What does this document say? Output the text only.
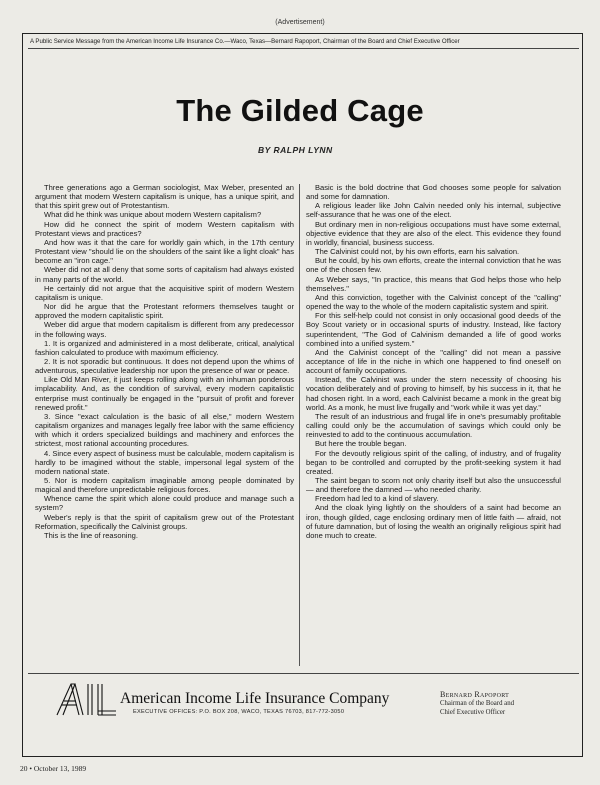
(Advertisement)
A Public Service Message from the American Income Life Insurance Co.—Waco, Texas—Bernard Rapoport, Chairman of the Board and Chief Executive Officer
The Gilded Cage
BY RALPH LYNN

Three generations ago a German sociologist, Max Weber, presented an argument that modern Western capitalism is unique, has a unique spirit, and that this spirit grew out of Protestantism.

What did he think was unique about modern Western capitalism?

How did he connect the spirit of modern Western capitalism with Protestant views and practices?

And how was it that the care for worldly gain which, in the 17th century Protestant view "should lie on the shoulders of the saint like a light cloak" has become an "iron cage."

Weber did not at all deny that some sorts of capitalism had always existed in many parts of the world.

He certainly did not argue that the acquisitive spirit of modern Western capitalism is unique.

Nor did he argue that the Protestant reformers themselves taught or approved the modern capitalistic spirit.

Weber did argue that modern capitalism is different from any predecessor in the following ways.

1. It is organized and administered in a most deliberate, critical, analytical fashion calculated to produce with maximum efficiency.

2. It is not sporadic but continuous. It does not depend upon the whims of adventurous, speculative leadership nor upon the presence of war or peace.

Like Old Man River, it just keeps rolling along with an inhuman ponderous implacability. And, as the condition of survival, every modern capitalistic enterprise must continually be engaged in the "pursuit of profit and forever renewed profit."

3. Since "exact calculation is the basic of all else," modern Western capitalism organizes and manages legally free labor with the same efficiency with which it orders specialized buildings and machinery and enforces the strictest, most rational accounting procedures.

4. Since every aspect of business must be calculable, modern capitalism is hardly to be imagined without the stable, impersonal legal system of the modern national state.

5. Nor is modern capitalism imaginable among people dominated by magical and therefore unpredictable religious forces.

Whence came the spirit which alone could produce and manage such a system?

Weber's reply is that the spirit of capitalism grew out of the Protestant Reformation, specifically the Calvinist groups.

This is the line of reasoning.

Basic is the bold doctrine that God chooses some people for salvation and some for damnation.

A religious leader like John Calvin needed only his internal, subjective self-assurance that he was one of the elect.

But ordinary men in non-religious occupations must have some external, objective evidence that they are also of the elect. This evidence they found in worldly, financial, business success.

The Calvinist could not, by his own efforts, earn his salvation.

But he could, by his own efforts, create the internal conviction that he was one of the chosen few.

As Weber says, "In practice, this means that God helps those who help themselves."

And this conviction, together with the Calvinist concept of the "calling" opened the way to the whole of the modern capitalistic system and spirit.

For this self-help could not consist in only occasional good deeds of the Boy Scout variety or in occasional spurts of industry. Instead, like factory superintendent, "The God of Calvinism demanded a life of good works combined into a unified system."

And the Calvinist concept of the "calling" did not mean a passive acceptance of life in the niche in which one happened to find oneself on account of family occupations.

Instead, the Calvinist was under the stern necessity of choosing his vocation deliberately and of proving to himself, by his success in it, that he had chosen right. In a word, each Calvinist became a monk in the great big world. As a monk, he must live frugally and "work while it was yet day."

The result of an industrious and frugal life in one's presumably profitable calling could only be the accumulation of savings which could only be reinvested to add to the continuous accumulation.

But here the trouble began.

For the devoutly religious spirit of the calling, of industry, and of frugality began to be controlled and corrupted by the profit-seeking system it had created.

The saint began to scorn not only charity itself but also the unsuccessful — and therefore the damned — who needed charity.

Freedom had led to a kind of slavery.

And the cloak lying lightly on the shoulders of a saint had become an iron, though gilded, cage enclosing ordinary men of little faith — afraid, not of future damnation, but of losing the wealth an originally religious spirit had done much to create.

American Income Life Insurance Company
EXECUTIVE OFFICES: P.O. BOX 208, WACO, TEXAS 76703, 817-772-3050
Bernard Rapoport
Chairman of the Board and
Chief Executive Officer
20 • October 13, 1989
